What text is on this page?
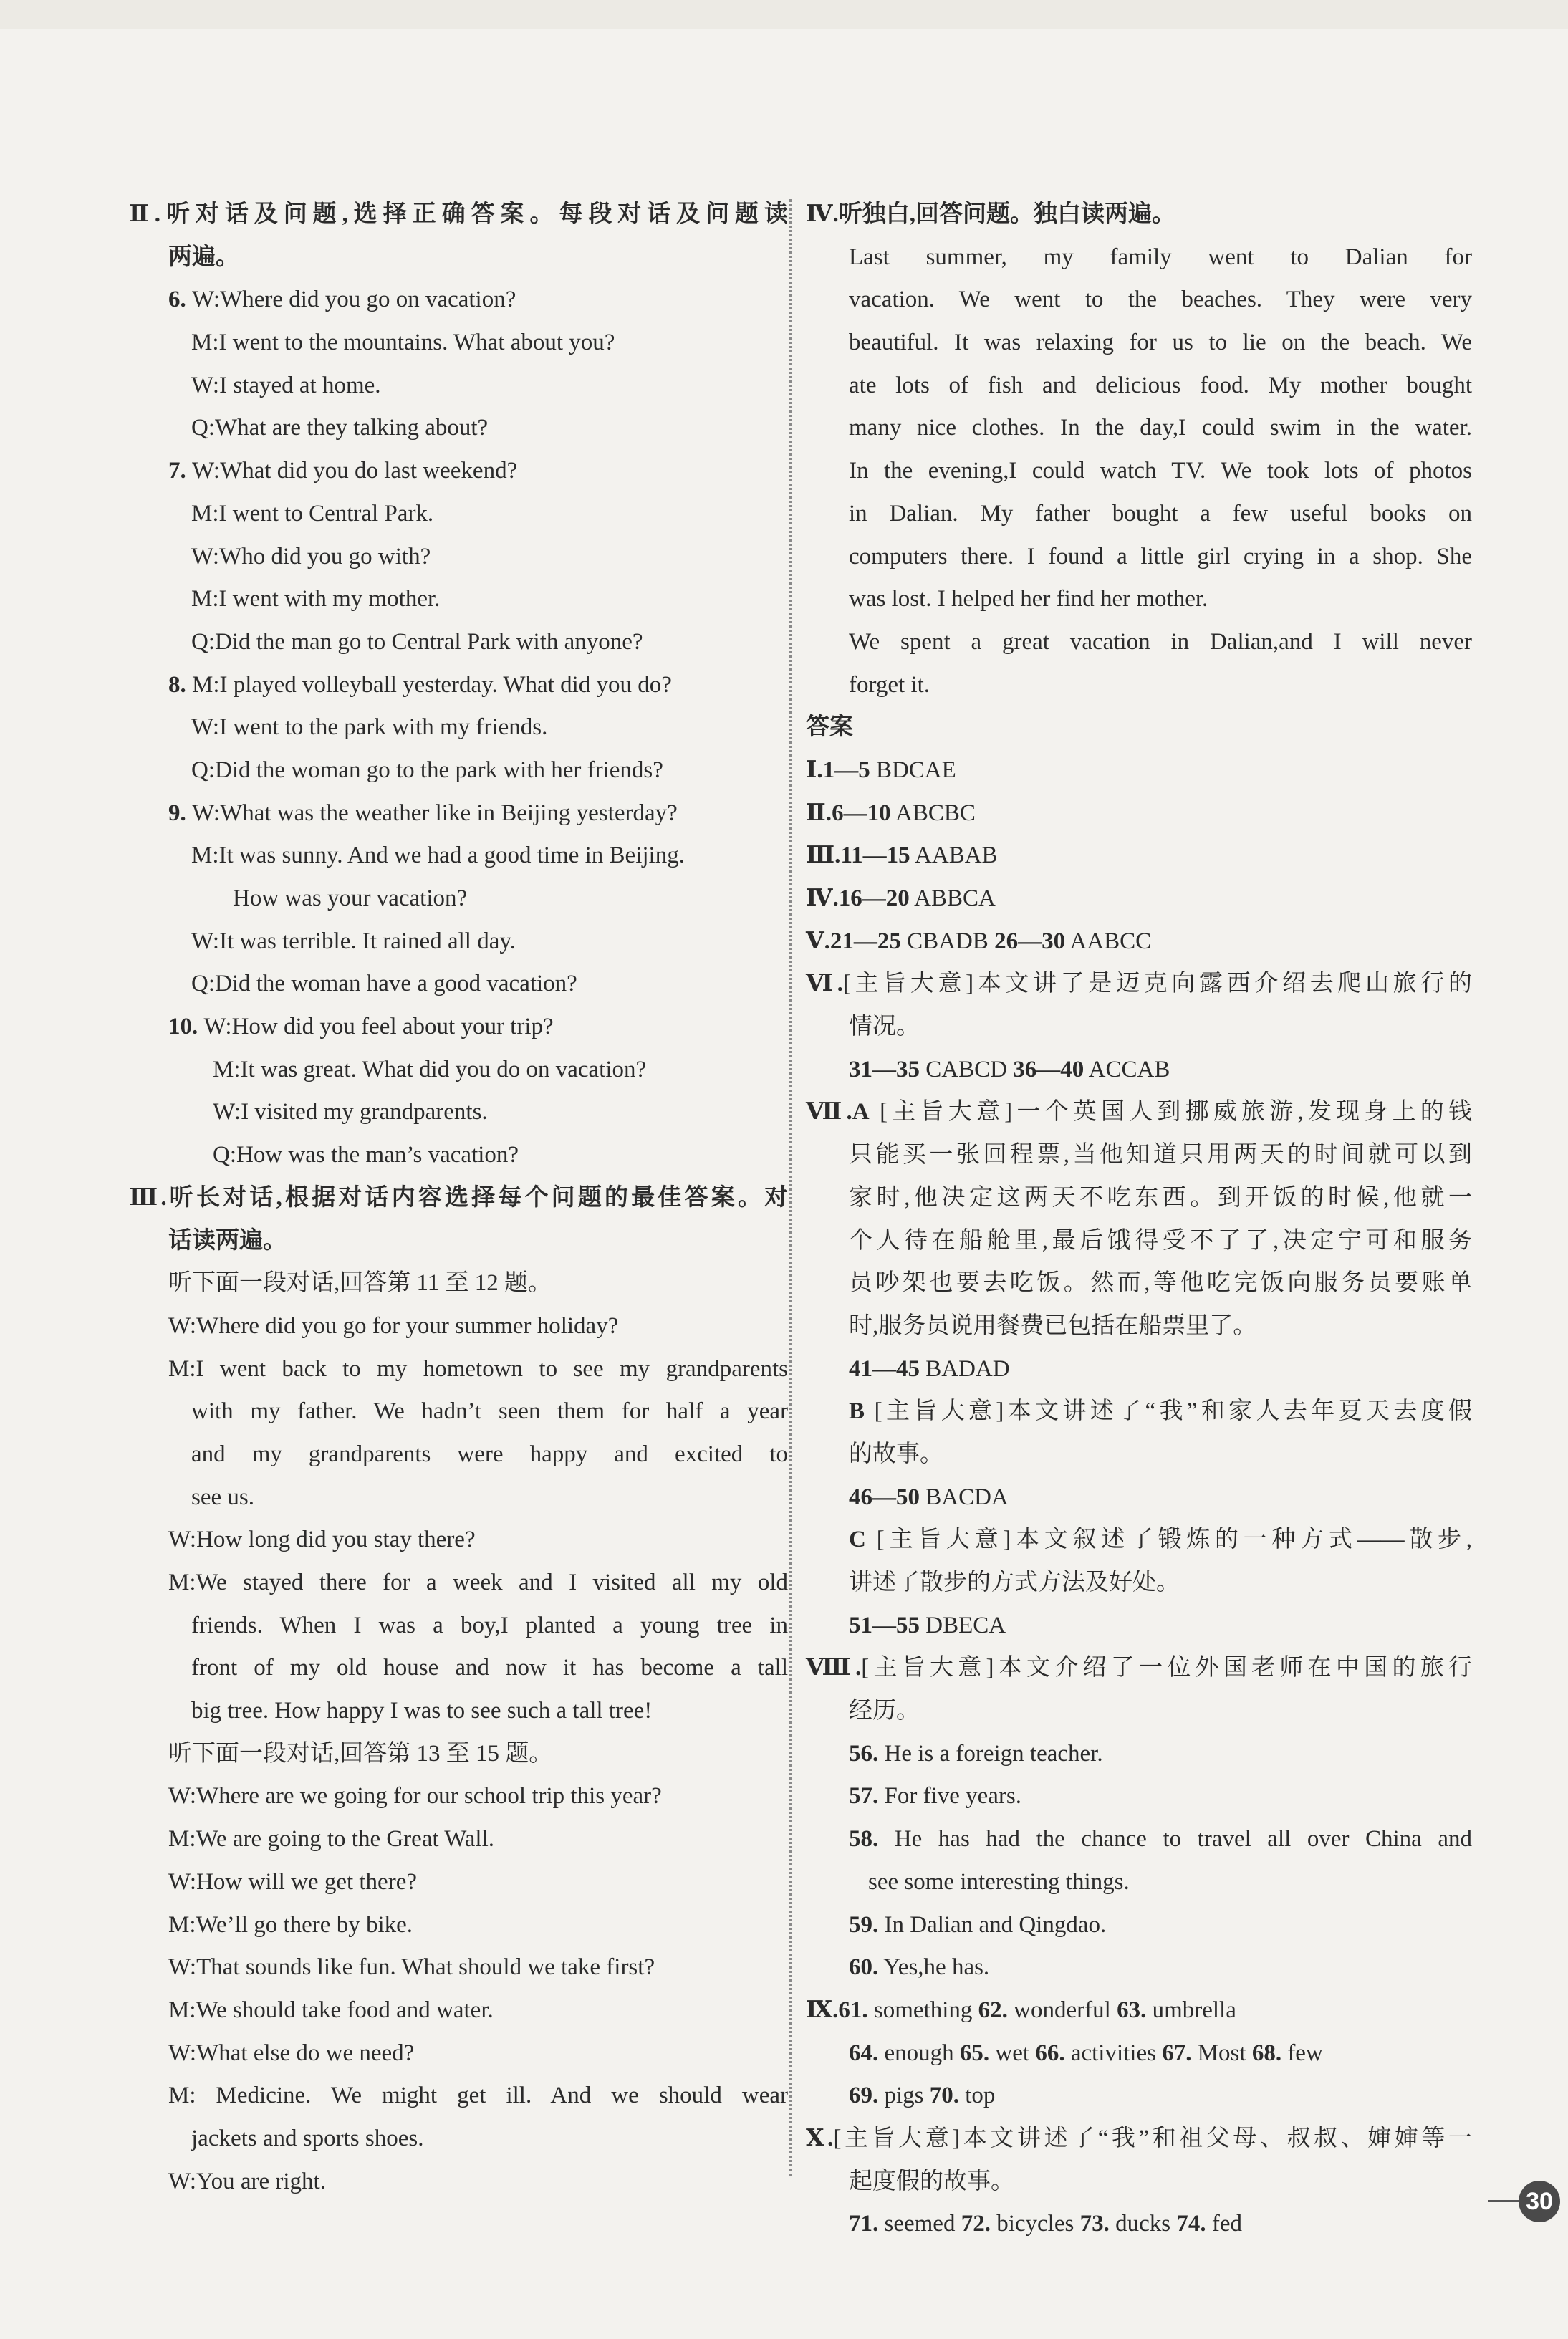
Ⅱ.听对话及问题,选择正确答案。每段对话及问题读
两遍。
6. W:Where did you go on vacation?
M:I went to the mountains. What about you?
W:I stayed at home.
Q:What are they talking about?
7. W:What did you do last weekend?
M:I went to Central Park.
W:Who did you go with?
M:I went with my mother.
Q:Did the man go to Central Park with anyone?
8. M:I played volleyball yesterday. What did you do?
W:I went to the park with my friends.
Q:Did the woman go to the park with her friends?
9. W:What was the weather like in Beijing yesterday?
M:It was sunny. And we had a good time in Beijing.
How was your vacation?
W:It was terrible. It rained all day.
Q:Did the woman have a good vacation?
10. W:How did you feel about your trip?
M:It was great. What did you do on vacation?
W:I visited my grandparents.
Q:How was the man’s vacation?
Ⅲ.听长对话,根据对话内容选择每个问题的最佳答案。对
话读两遍。
听下面一段对话,回答第 11 至 12 题。
W:Where did you go for your summer holiday?
M:I went back to my hometown to see my grandparents
with my father. We hadn’t seen them for half a year
and my grandparents were happy and excited to
see us.
W:How long did you stay there?
M:We stayed there for a week and I visited all my old
friends. When I was a boy,I planted a young tree in
front of my old house and now it has become a tall
big tree. How happy I was to see such a tall tree!
听下面一段对话,回答第 13 至 15 题。
W:Where are we going for our school trip this year?
M:We are going to the Great Wall.
W:How will we get there?
M:We’ll go there by bike.
W:That sounds like fun. What should we take first?
M:We should take food and water.
W:What else do we need?
M: Medicine. We might get ill. And we should wear
jackets and sports shoes.
W:You are right.
Ⅳ.听独白,回答问题。独白读两遍。
Last summer, my family went to Dalian for
vacation. We went to the beaches. They were very
beautiful. It was relaxing for us to lie on the beach. We
ate lots of fish and delicious food. My mother bought
many nice clothes. In the day,I could swim in the water.
In the evening,I could watch TV. We took lots of photos
in Dalian. My father bought a few useful books on
computers there. I found a little girl crying in a shop. She
was lost. I helped her find her mother.
We spent a great vacation in Dalian,and I will never
forget it.
答案
Ⅰ.1—5 BDCAE
Ⅱ.6—10 ABCBC
Ⅲ.11—15 AABAB
Ⅳ.16—20 ABBCA
Ⅴ.21—25 CBADB 26—30 AABCC
Ⅵ.[主旨大意]本文讲了是迈克向露西介绍去爬山旅行的
情况。
31—35 CABCD 36—40 ACCAB
Ⅶ.A [主旨大意]一个英国人到挪威旅游,发现身上的钱
只能买一张回程票,当他知道只用两天的时间就可以到
家时,他决定这两天不吃东西。到开饭的时候,他就一
个人待在船舱里,最后饿得受不了了,决定宁可和服务
员吵架也要去吃饭。然而,等他吃完饭向服务员要账单
时,服务员说用餐费已包括在船票里了。
41—45 BADAD
B [主旨大意]本文讲述了“我”和家人去年夏天去度假
的故事。
46—50 BACDA
C [主旨大意]本文叙述了锻炼的一种方式——散步,
讲述了散步的方式方法及好处。
51—55 DBECA
Ⅷ.[主旨大意]本文介绍了一位外国老师在中国的旅行
经历。
56. He is a foreign teacher.
57. For five years.
58. He has had the chance to travel all over China and
see some interesting things.
59. In Dalian and Qingdao.
60. Yes,he has.
Ⅸ.61. something 62. wonderful 63. umbrella
64. enough 65. wet 66. activities 67. Most 68. few
69. pigs 70. top
Ⅹ.[主旨大意]本文讲述了“我”和祖父母、叔叔、婶婶等一
起度假的故事。
71. seemed 72. bicycles 73. ducks 74. fed
30
